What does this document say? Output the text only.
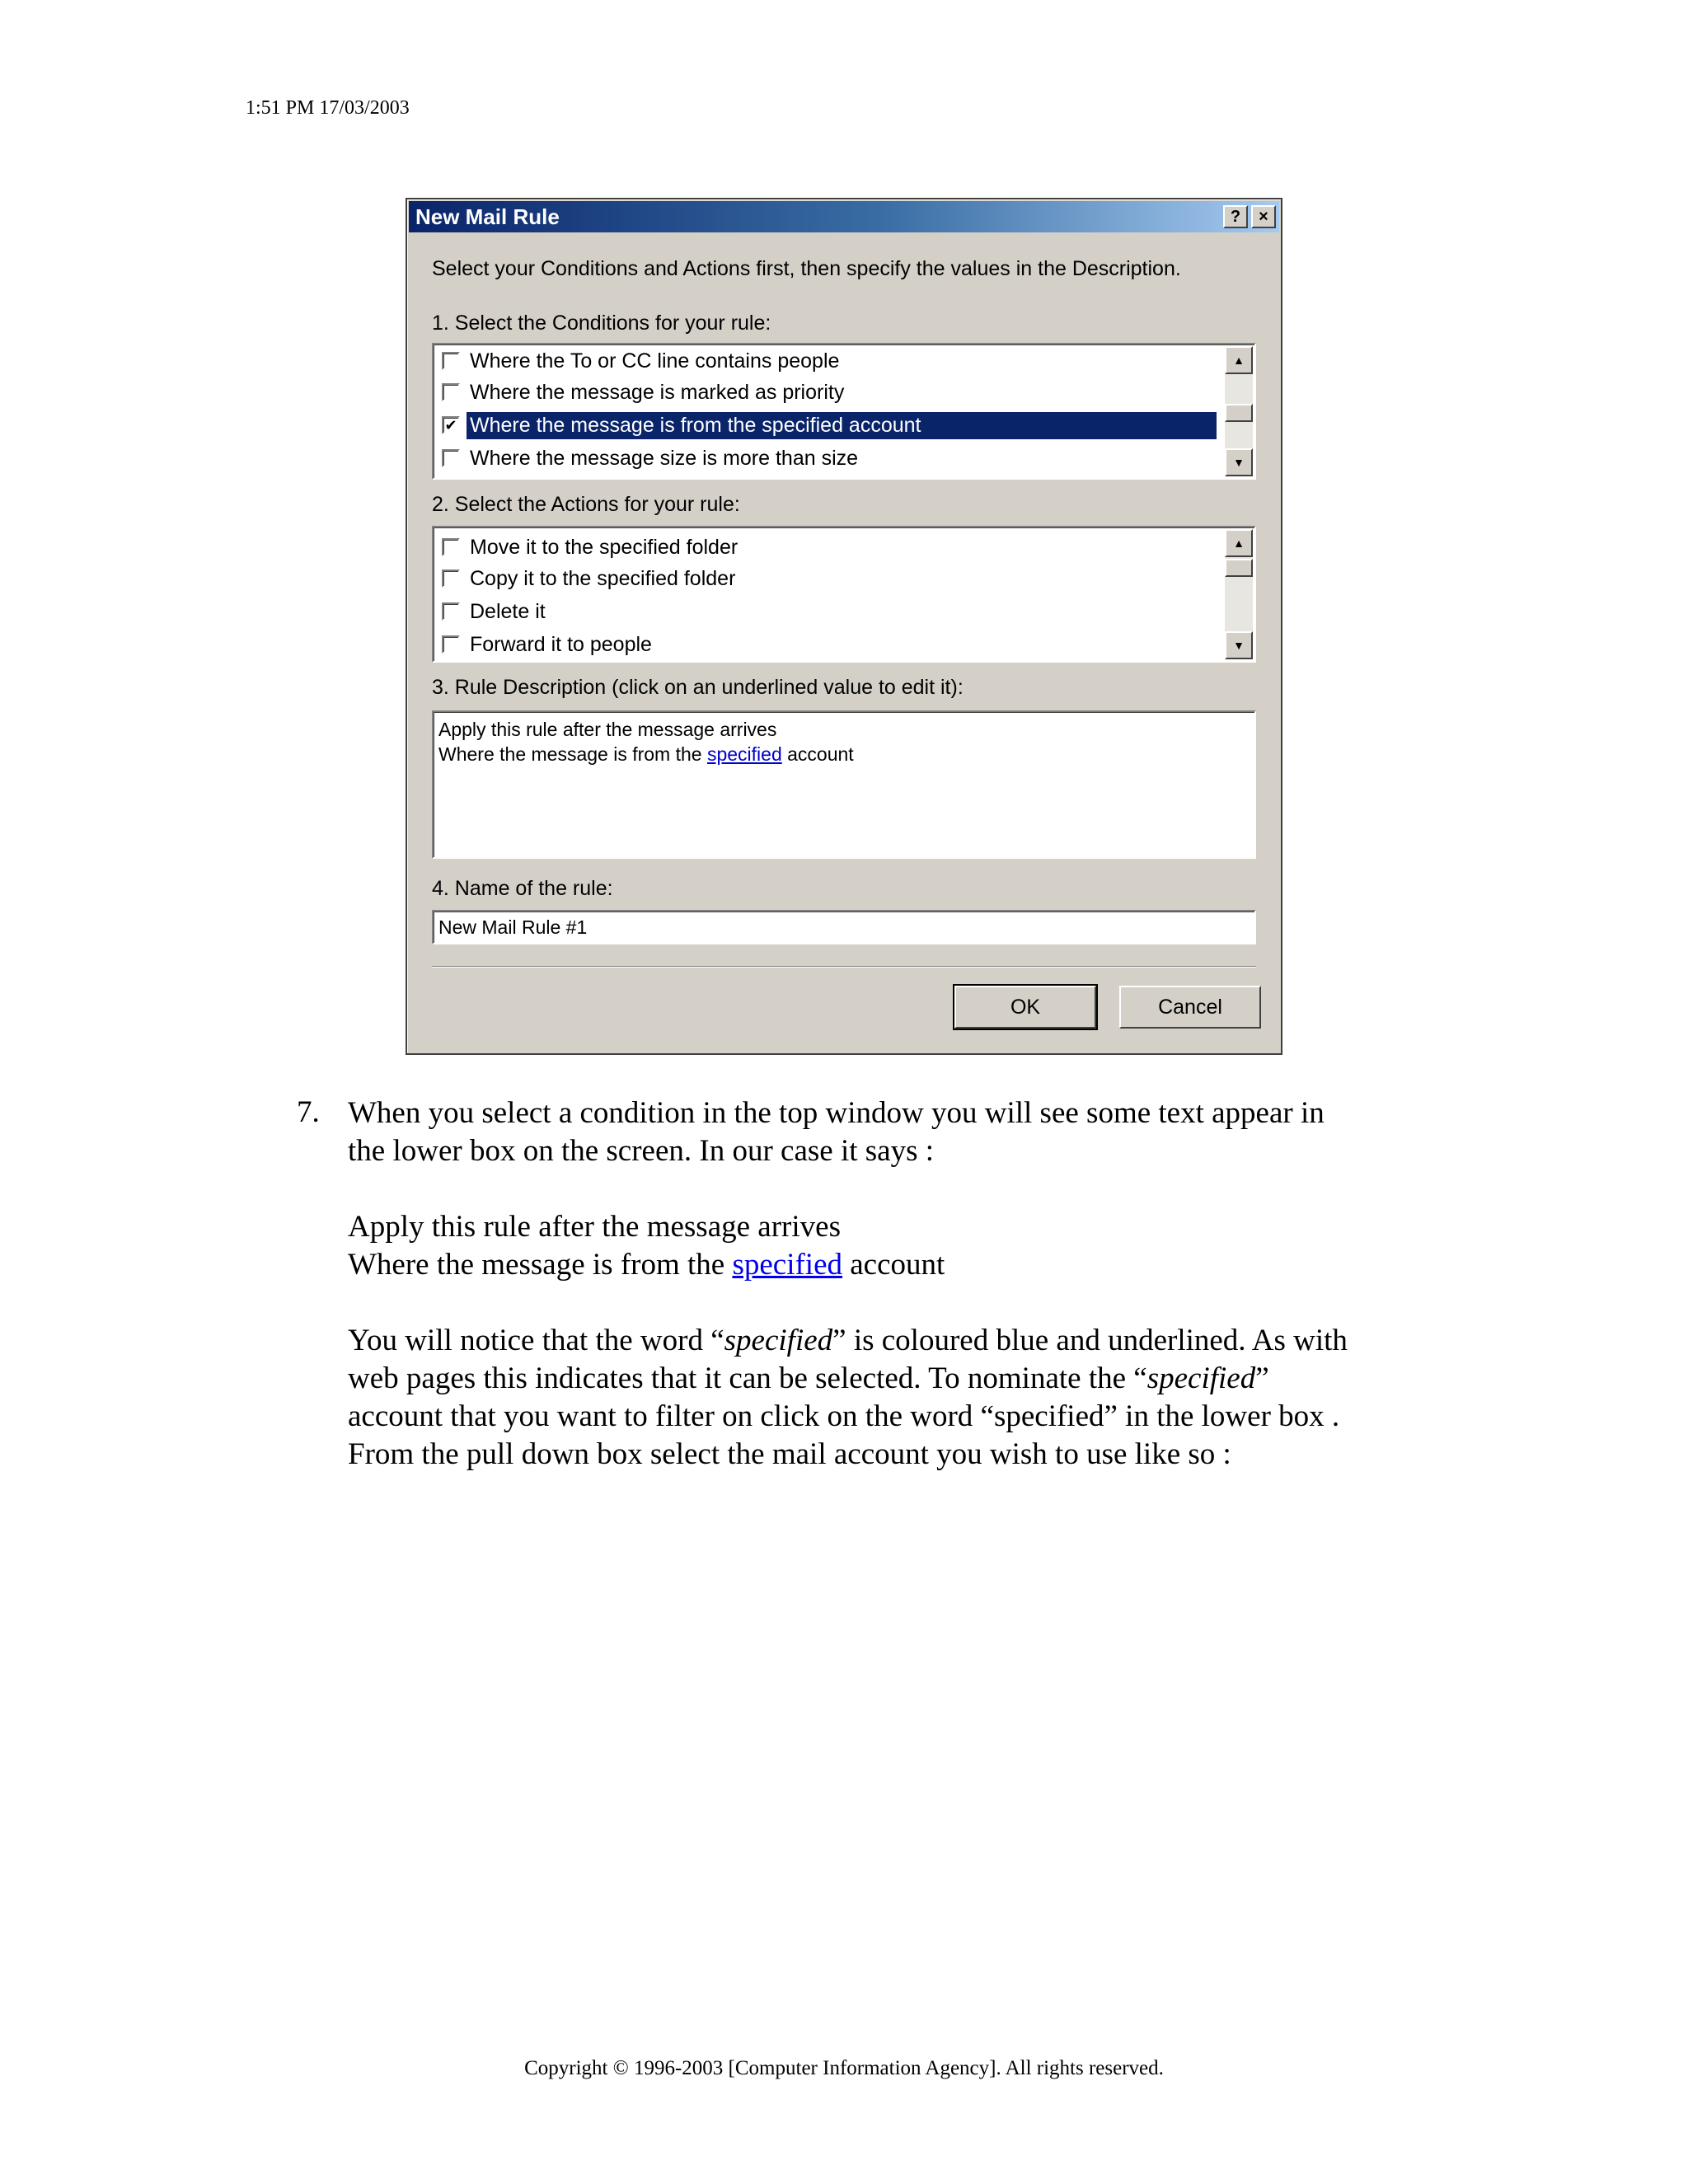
1:51 PM 17/03/2003
New Mail Rule	?	×
Select your Conditions and Actions first, then specify the values in the Description.
1. Select the Conditions for your rule:
Where the To or CC line contains people
Where the message is marked as priority
✔ Where the message is from the specified account
Where the message size is more than size
▲
▼
2. Select the Actions for your rule:
Move it to the specified folder
Copy it to the specified folder
Delete it
Forward it to people
▲
▼
3. Rule Description (click on an underlined value to edit it):
Apply this rule after the message arrives
Where the message is from the specified account
4. Name of the rule:
New Mail Rule #1
OK	Cancel
7. When you select a condition in the top window you will see some text appear in
the lower box on the screen. In our case it says :
Apply this rule after the message arrives
Where the message is from the specified account
You will notice that the word “specified” is coloured blue and underlined. As with
web pages this indicates that it can be selected. To nominate the “specified”
account that you want to filter on click on the word “specified” in the lower box .
From the pull down box select the mail account you wish to use like so :
Copyright © 1996-2003 [Computer Information Agency]. All rights reserved.
